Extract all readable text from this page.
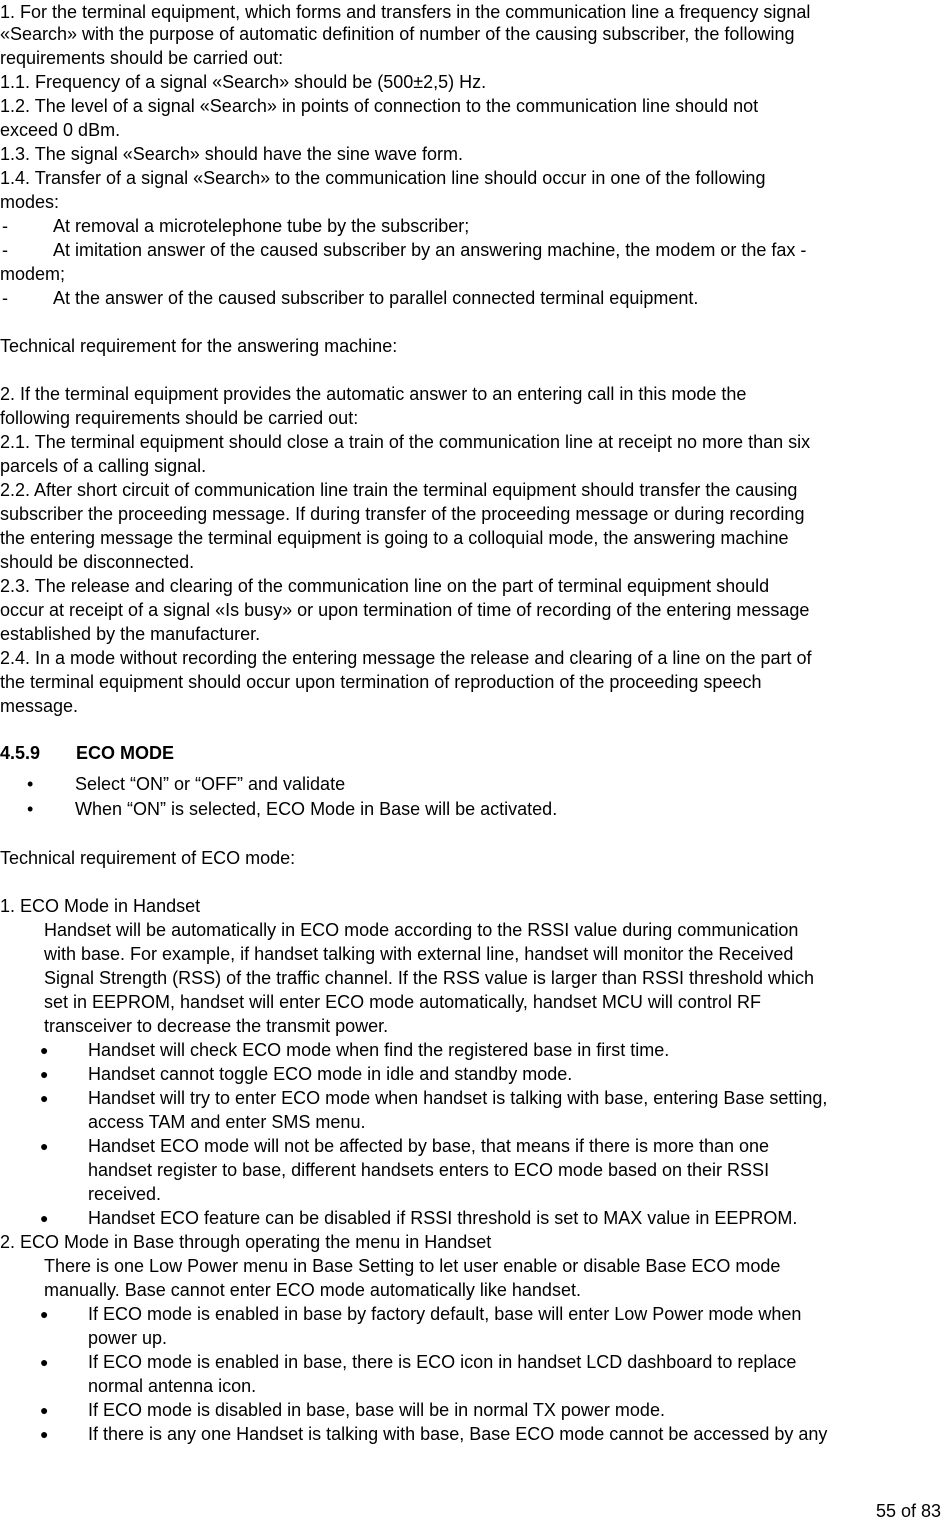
1. For the terminal equipment, which forms and transfers in the communication line a frequency signal
«Search» with the purpose of automatic definition of number of the causing subscriber, the following
requirements should be carried out:
1.1. Frequency of a signal «Search» should be (500±2,5) Hz.
1.2. The level of a signal «Search» in points of connection to the communication line should not
exceed 0 dBm.
1.3. The signal «Search» should have the sine wave form.
1.4. Transfer of a signal «Search» to the communication line should occur in one of the following
modes:
-	At removal a microtelephone tube by the subscriber;
-	At imitation answer of the caused subscriber by an answering machine, the modem or the fax -
modem;
-	At the answer of the caused subscriber to parallel connected terminal equipment.
Technical requirement for the answering machine:
2. If the terminal equipment provides the automatic answer to an entering call in this mode the
following requirements should be carried out:
2.1. The terminal equipment should close a train of the communication line at receipt no more than six
parcels of a calling signal.
2.2. After short circuit of communication line train the terminal equipment should transfer the causing
subscriber the proceeding message. If during transfer of the proceeding message or during recording
the entering message the terminal equipment is going to a colloquial mode, the answering machine
should be disconnected.
2.3. The release and clearing of the communication line on the part of terminal equipment should
occur at receipt of a signal «Is busy» or upon termination of time of recording of the entering message
established by the manufacturer.
2.4. In a mode without recording the entering message the release and clearing of a line on the part of
the terminal equipment should occur upon termination of reproduction of the proceeding speech
message.
4.5.9 ECO MODE
• Select “ON” or “OFF” and validate
• When “ON” is selected, ECO Mode in Base will be activated.
Technical requirement of ECO mode:
1. ECO Mode in Handset
Handset will be automatically in ECO mode according to the RSSI value during communication
with base. For example, if handset talking with external line, handset will monitor the Received
Signal Strength (RSS) of the traffic channel. If the RSS value is larger than RSSI threshold which
set in EEPROM, handset will enter ECO mode automatically, handset MCU will control RF
transceiver to decrease the transmit power.
● Handset will check ECO mode when find the registered base in first time.
● Handset cannot toggle ECO mode in idle and standby mode.
● Handset will try to enter ECO mode when handset is talking with base, entering Base setting,
access TAM and enter SMS menu.
● Handset ECO mode will not be affected by base, that means if there is more than one
handset register to base, different handsets enters to ECO mode based on their RSSI
received.
● Handset ECO feature can be disabled if RSSI threshold is set to MAX value in EEPROM.
2. ECO Mode in Base through operating the menu in Handset
There is one Low Power menu in Base Setting to let user enable or disable Base ECO mode
manually. Base cannot enter ECO mode automatically like handset.
● If ECO mode is enabled in base by factory default, base will enter Low Power mode when
power up.
● If ECO mode is enabled in base, there is ECO icon in handset LCD dashboard to replace
normal antenna icon.
● If ECO mode is disabled in base, base will be in normal TX power mode.
● If there is any one Handset is talking with base, Base ECO mode cannot be accessed by any
55 of 83
